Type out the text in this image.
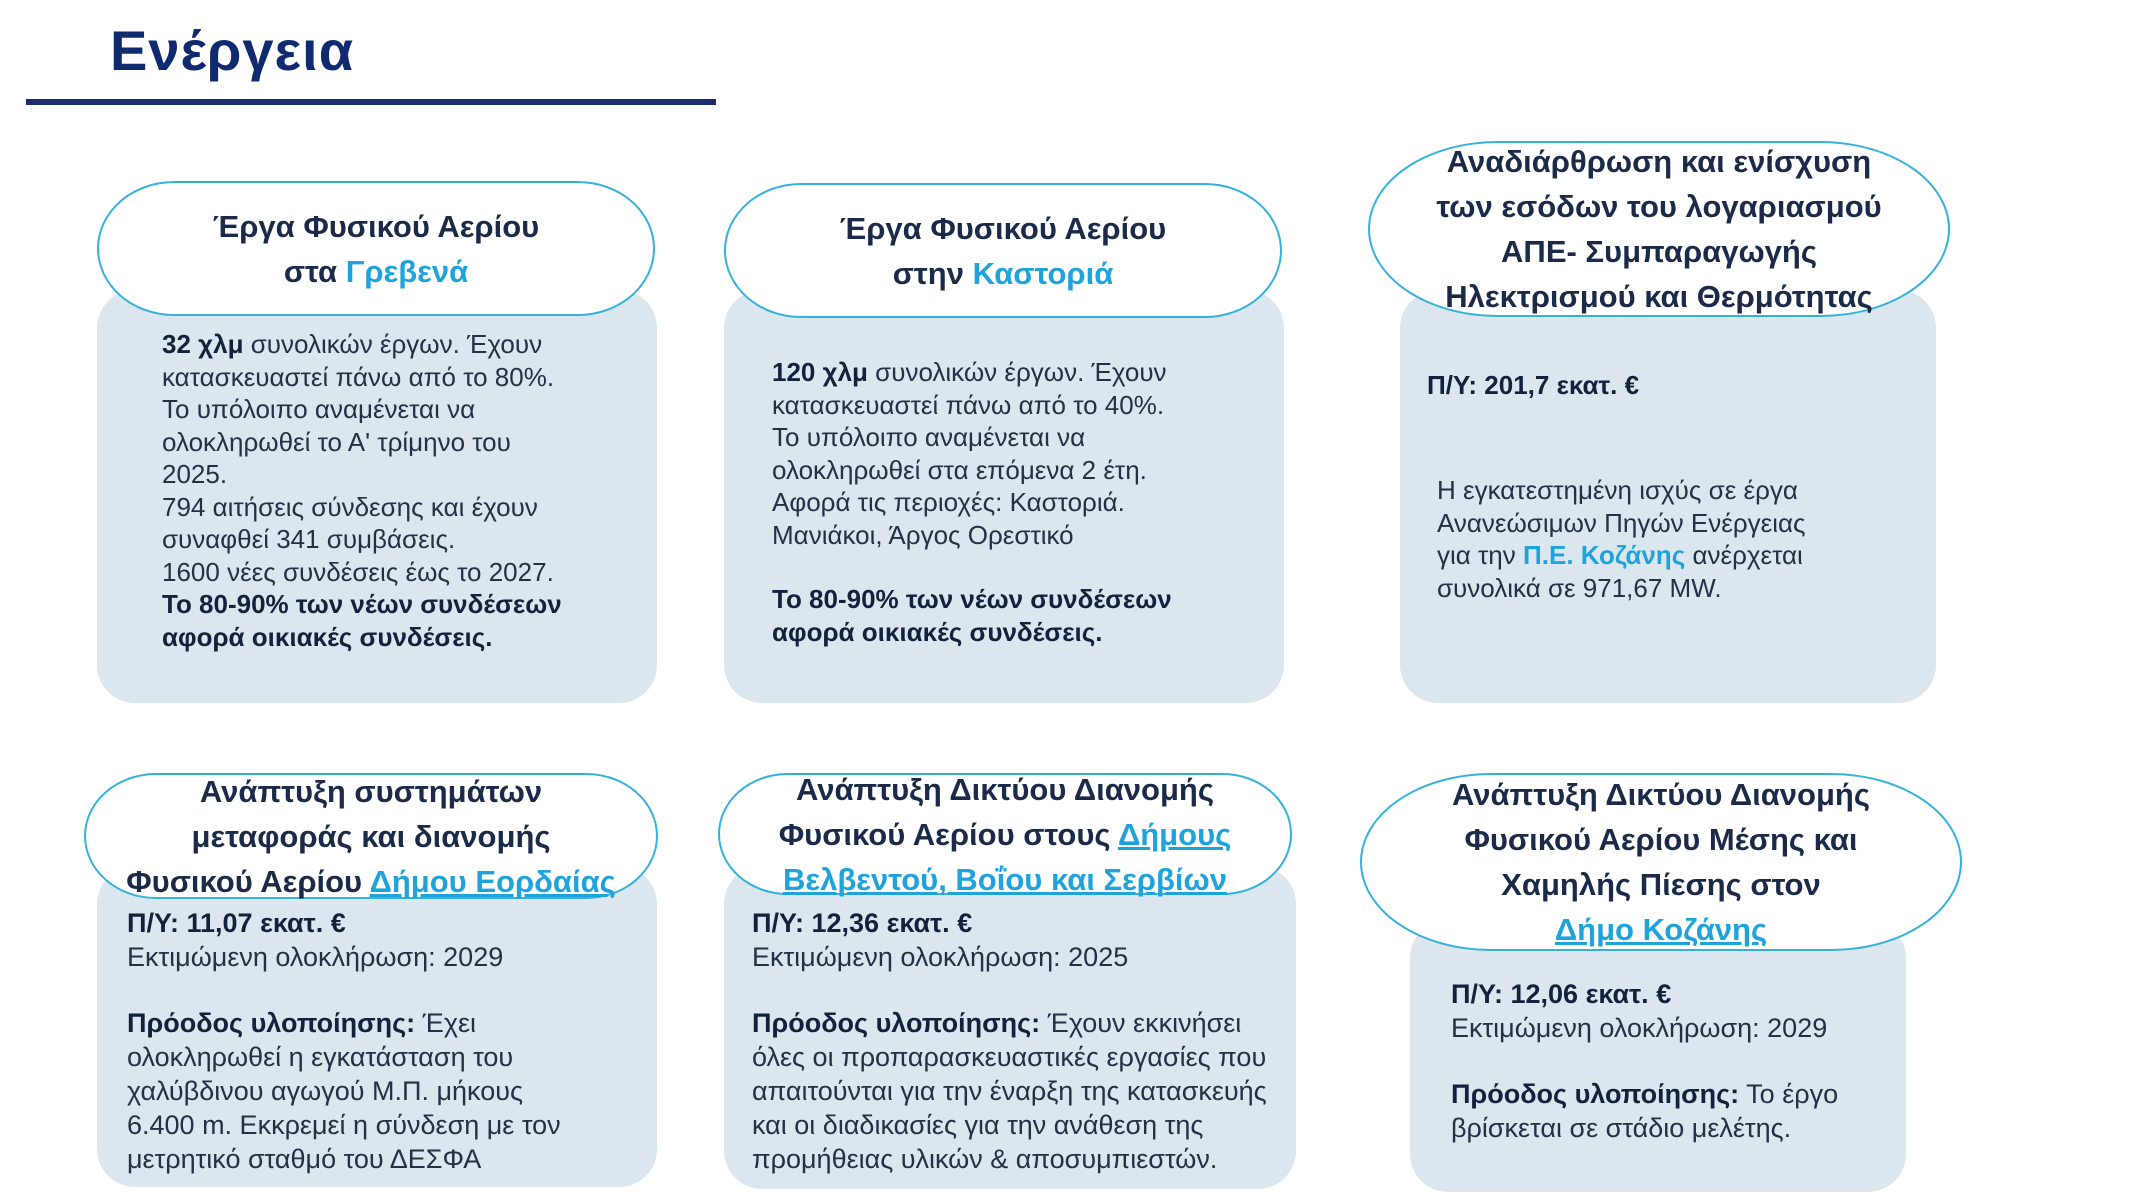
Ενέργεια
Έργα Φυσικού Αερίου
στα Γρεβενά

32 χλμ συνολικών έργων. Έχουν

κατασκευαστεί πάνω από το 80%.

Το υπόλοιπο αναμένεται να

ολοκληρωθεί το Α' τρίμηνο του

2025.

794 αιτήσεις σύνδεσης και έχουν

συναφθεί 341 συμβάσεις.

1600 νέες συνδέσεις έως το 2027.

Το 80-90% των νέων συνδέσεων

αφορά οικιακές συνδέσεις.

Έργα Φυσικού Αερίου
στην Καστοριά

120 χλμ συνολικών έργων. Έχουν

κατασκευαστεί πάνω από το 40%.

Το υπόλοιπο αναμένεται να

ολοκληρωθεί στα επόμενα 2 έτη.

Αφορά τις περιοχές: Καστοριά.

Μανιάκοι, Άργος Ορεστικό

Το 80-90% των νέων συνδέσεων

αφορά οικιακές συνδέσεις.

Αναδιάρθρωση και ενίσχυση
των εσόδων του λογαριασμού
ΑΠΕ- Συμπαραγωγής
Ηλεκτρισμού και Θερμότητας

Π/Υ: 201,7 εκατ. €

Η εγκατεστημένη ισχύς σε έργα

Ανανεώσιμων Πηγών Ενέργειας

για την Π.Ε. Κοζάνης ανέρχεται

συνολικά σε 971,67 MW.

Ανάπτυξη συστημάτων
μεταφοράς και διανομής
Φυσικού Αερίου Δήμου Εορδαίας

Π/Υ: 11,07 εκατ. €

Εκτιμώμενη ολοκλήρωση: 2029

Πρόοδος υλοποίησης: Έχει

ολοκληρωθεί η εγκατάσταση του

χαλύβδινου αγωγού Μ.Π. μήκους

6.400 m. Εκκρεμεί η σύνδεση με τον

μετρητικό σταθμό του ΔΕΣΦΑ

Ανάπτυξη Δικτύου Διανομής
Φυσικού Αερίου στους Δήμους
Βελβεντού, Βοΐου και Σερβίων

Π/Υ: 12,36 εκατ. €

Εκτιμώμενη ολοκλήρωση: 2025

Πρόοδος υλοποίησης: Έχουν εκκινήσει

όλες οι προπαρασκευαστικές εργασίες που

απαιτούνται για την έναρξη της κατασκευής

και οι διαδικασίες για την ανάθεση της

προμήθειας υλικών & αποσυμπιεστών.

Ανάπτυξη Δικτύου Διανομής
Φυσικού Αερίου Μέσης και
Χαμηλής Πίεσης στον
Δήμο Κοζάνης

Π/Υ: 12,06 εκατ. €

Εκτιμώμενη ολοκλήρωση: 2029

Πρόοδος υλοποίησης: Το έργο

βρίσκεται σε στάδιο μελέτης.
